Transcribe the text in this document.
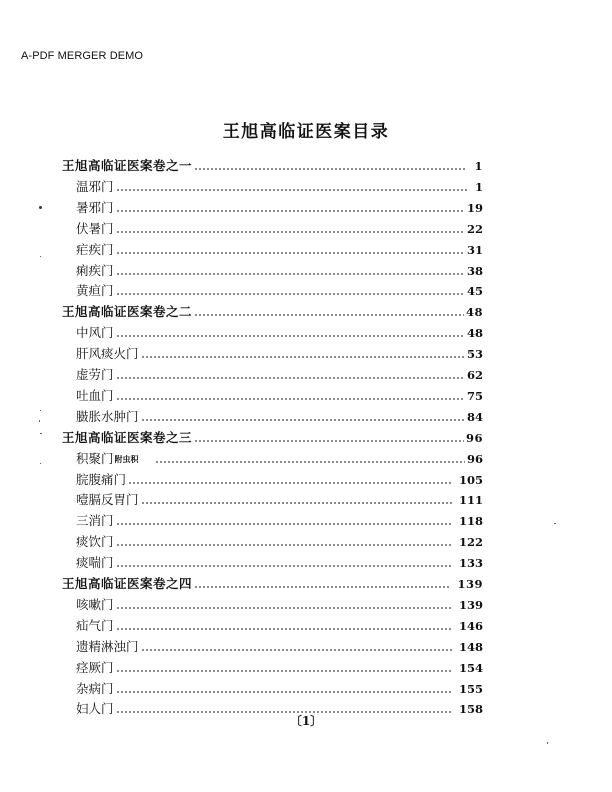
A-PDF MERGER DEMO
王旭高临证医案目录
王旭高临证医案卷之一	1
温邪门	1
暑邪门	19
伏暑门	22
疟疾门	31
痢疾门	38
黄疸门	45
王旭高临证医案卷之二	48
中风门	48
肝风痰火门	53
虚劳门	62
吐血门	75
臌胀水肿门	84
王旭高临证医案卷之三	96
积聚门 附虫积	96
脘腹痛门	105
噎膈反胃门	111
三消门	118
痰饮门	122
痰喘门	133
王旭高临证医案卷之四	139
咳嗽门	139
疝气门	146
遗精淋浊门	148
痉厥门	154
杂病门	155
妇人门	158
〔1〕
